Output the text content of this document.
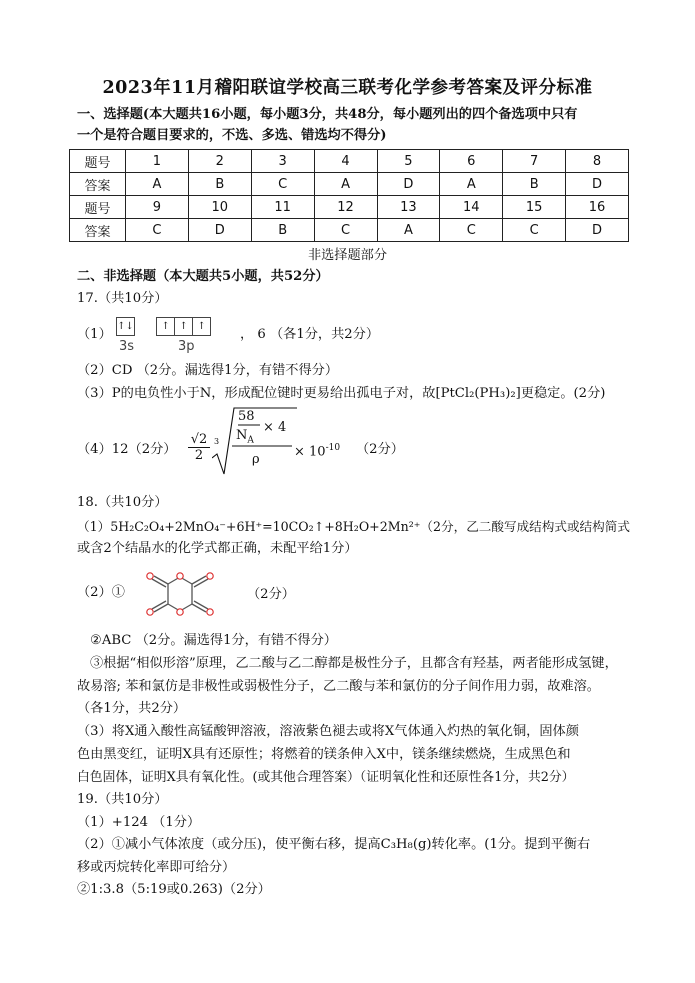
2023年11月稽阳联谊学校高三联考化学参考答案及评分标准
一、选择题(本大题共16小题，每小题3分，共48分，每小题列出的四个备选项中只有
一个是符合题目要求的，不选、多选、错选均不得分)
题号	1	2	3	4	5	6	7	8
答案	A	B	C	A	D	A	B	D
题号	9	10	11	12	13	14	15	16
答案	C	D	B	C	A	C	C	D
非选择题部分
二、非选择题（本大题共5小题，共52分）
17.（共10分）
（1）
↑↓	↑ ↑ ↑
3s	3p
， 6 （各1分，共2分）
（2）CD （2分。漏选得1分，有错不得分）
（3）P的电负性小于N，形成配位键时更易给出孤电子对，故[PtCl₂(PH₃)₂]更稳定。(2分)
（4）12（2分） $\frac{√2}{2} 3$
58
$N_A$
× 4
ρ
× $10^{-10}$ （2分）
18.（共10分）
（1）5H₂C₂O₄+2MnO₄⁻+6H⁺=10CO₂↑+8H₂O+2Mn²⁺（2分，乙二酸写成结构式或结构简式
或含2个结晶水的化学式都正确，未配平给1分）
（2）①	（2分）
②ABC （2分。漏选得1分，有错不得分）
③根据“相似形溶”原理，乙二酸与乙二醇都是极性分子，且都含有羟基，两者能形成氢键，
故易溶; 苯和氯仿是非极性或弱极性分子，乙二酸与苯和氯仿的分子间作用力弱，故难溶。
（各1分，共2分）
（3）将X通入酸性高锰酸钾溶液，溶液紫色褪去或将X气体通入灼热的氧化铜，固体颜
色由黑变红，证明X具有还原性；将燃着的镁条伸入X中，镁条继续燃烧，生成黑色和
白色固体，证明X具有氧化性。(或其他合理答案）（证明氧化性和还原性各1分，共2分）
19.（共10分）
（1）+124 （1分）
（2）①减小气体浓度（或分压)，使平衡右移，提高C₃H₈(g)转化率。(1分。提到平衡右
移或丙烷转化率即可给分）
②1:3.8（5:19或0.263)（2分）
